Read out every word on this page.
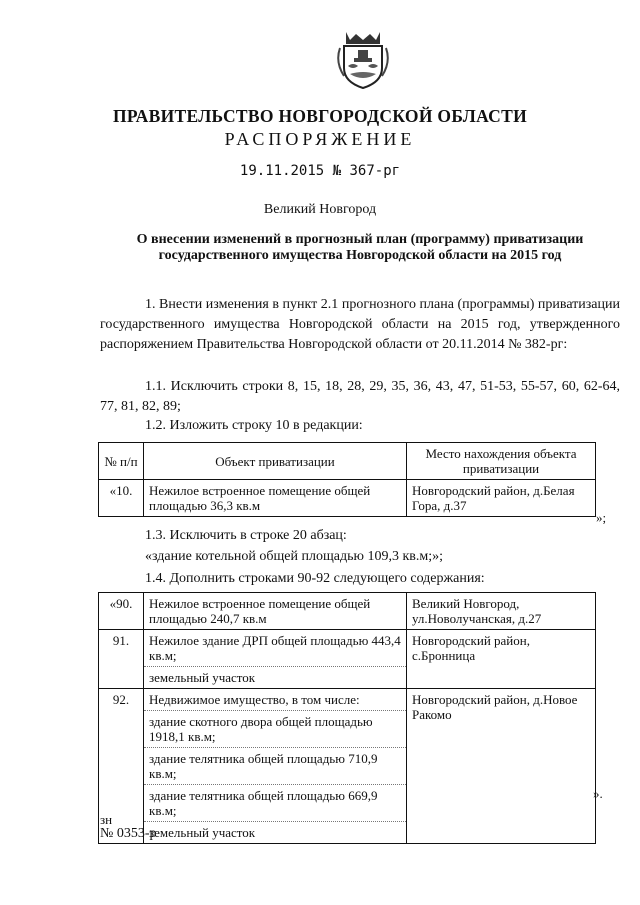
ПРАВИТЕЛЬСТВО НОВГОРОДСКОЙ ОБЛАСТИ
РАСПОРЯЖЕНИЕ
19.11.2015 № 367-рг
Великий Новгород
О внесении изменений в прогнозный план (программу) приватизации государственного имущества Новгородской области на 2015 год
1. Внести изменения в пункт 2.1 прогнозного плана (программы) приватизации государственного имущества Новгородской области на 2015 год, утвержденного распоряжением Правительства Новгородской области от 20.11.2014 № 382-рг:
1.1. Исключить строки 8, 15, 18, 28, 29, 35, 36, 43, 47, 51-53, 55-57, 60, 62-64, 77, 81, 82, 89;
1.2. Изложить строку 10 в редакции:
№ п/п	Объект приватизации	Место нахождения объекта приватизации
«10.	Нежилое встроенное помещение общей площадью 36,3 кв.м	Новгородский район, д.Белая Гора, д.37
»;
1.3. Исключить в строке 20 абзац:
«здание котельной общей площадью 109,3 кв.м;»;
1.4. Дополнить строками 90-92 следующего содержания:
«90.	Нежилое встроенное помещение общей площадью 240,7 кв.м	Великий Новгород, ул.Новолучанская, д.27
91.	Нежилое здание ДРП общей площадью 443,4 кв.м;
земельный участок	Новгородский район, с.Бронница
92.	Недвижимое имущество, в том числе:
здание скотного двора общей площадью 1918,1 кв.м;
здание телятника общей площадью 710,9 кв.м;
здание телятника общей площадью 669,9 кв.м;
земельный участок	Новгородский район, д.Новое Ракомо
».
зн
№ 0353-р
